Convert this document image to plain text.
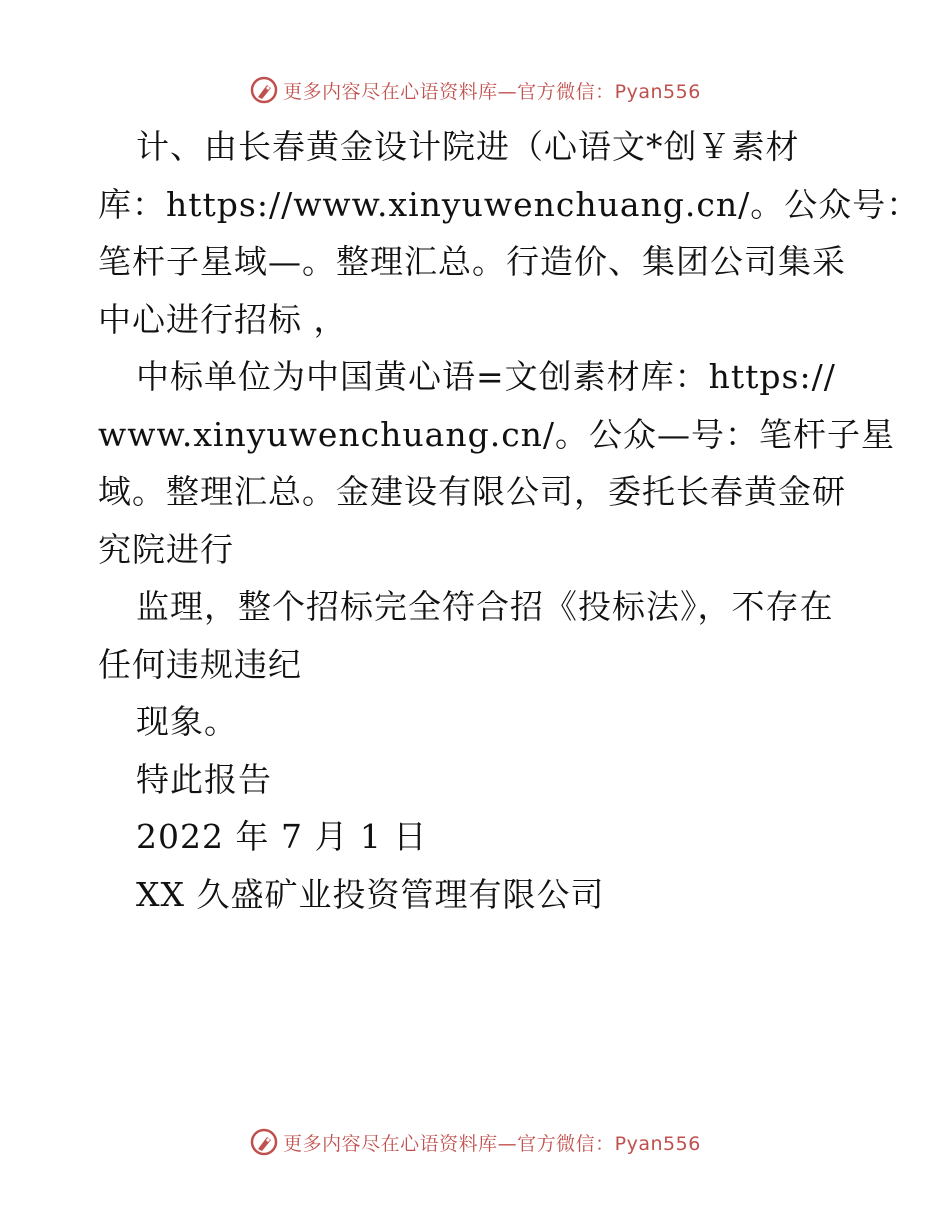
更多内容尽在心语资料库—官方微信：Pyan556
计、由长春黄金设计院进（心语文*创￥素材
库：https://www.xinyuwenchuang.cn/。公众号：
笔杆子星域—。整理汇总。行造价、集团公司集采
中心进行招标 ，
中标单位为中国黄心语=文创素材库：https://
www.xinyuwenchuang.cn/。公众—号：笔杆子星
域。整理汇总。金建设有限公司，委托长春黄金研
究院进行
监理，整个招标完全符合招《投标法》，不存在
任何违规违纪
现象。
特此报告
2022 年 7 月 1 日
XX 久盛矿业投资管理有限公司
更多内容尽在心语资料库—官方微信：Pyan556
